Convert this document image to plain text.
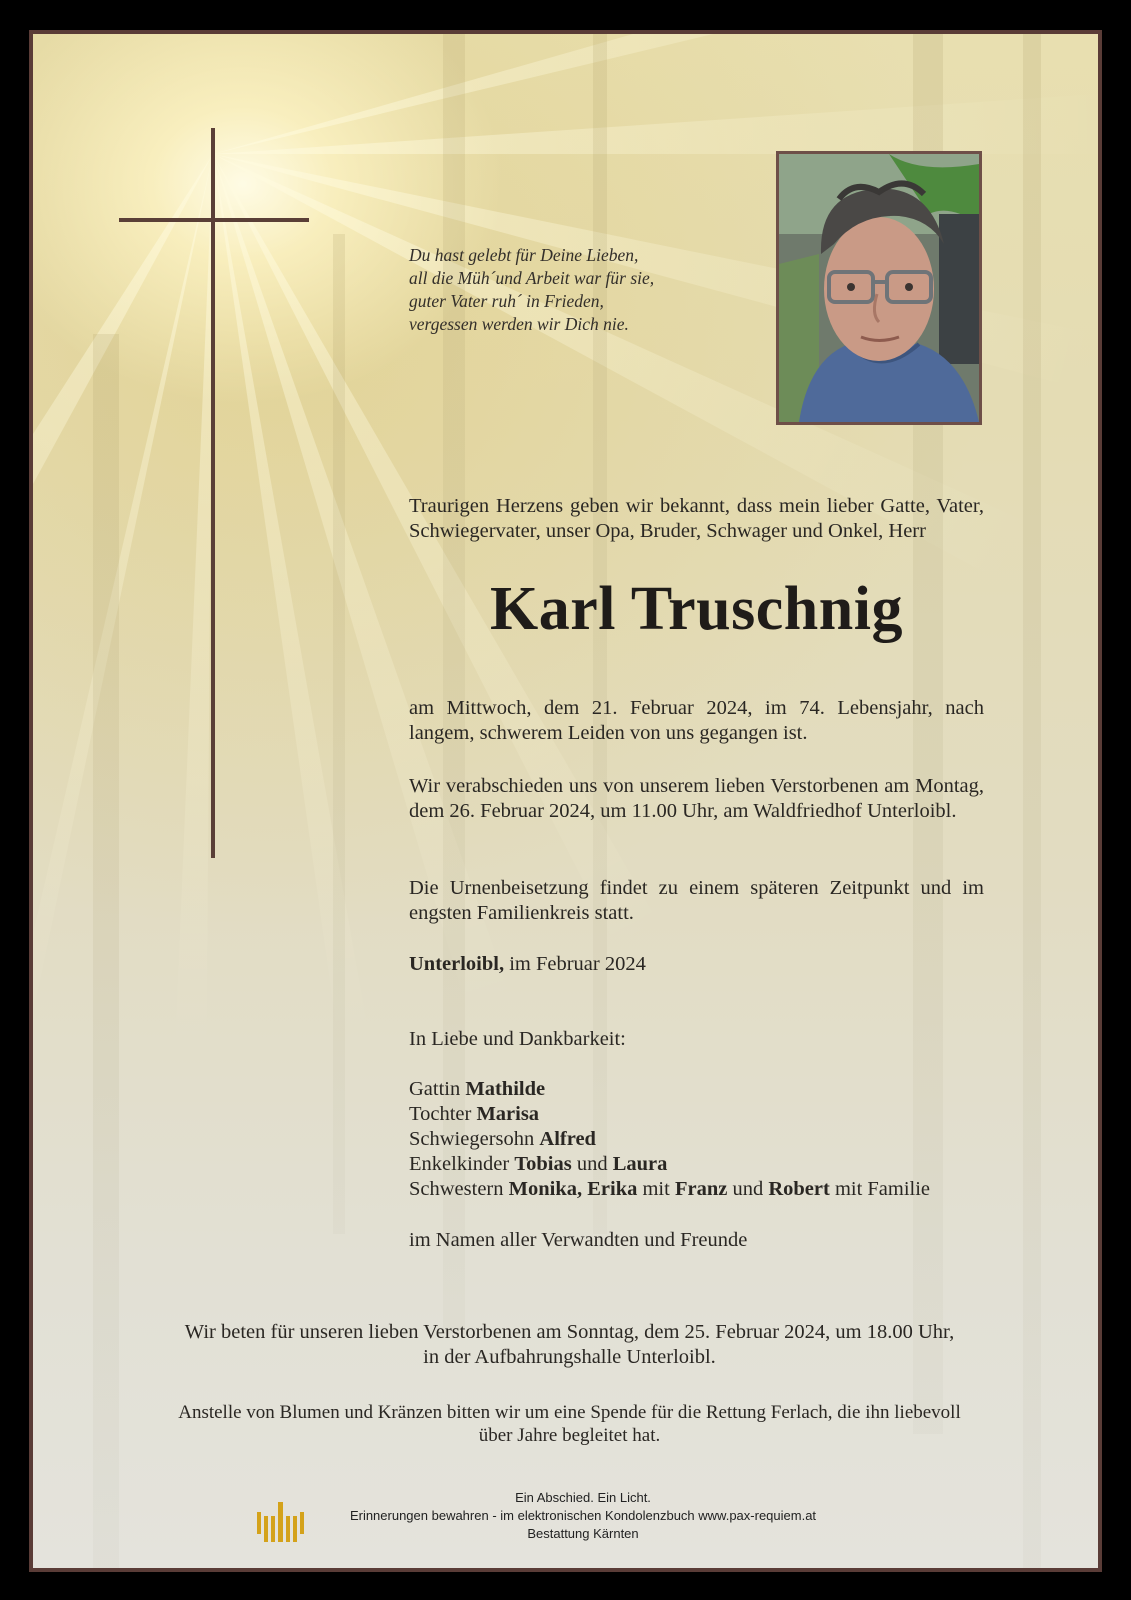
Du hast gelebt für Deine Lieben,
all die Müh´und Arbeit war für sie,
guter Vater ruh´ in Frieden,
vergessen werden wir Dich nie.
Traurigen Herzens geben wir bekannt, dass mein lieber Gatte, Vater, Schwiegervater, unser Opa, Bruder, Schwager und Onkel, Herr
Karl Truschnig
am Mittwoch, dem 21. Februar 2024, im 74. Lebensjahr, nach langem, schwerem Leiden von uns gegangen ist.
Wir verabschieden uns von unserem lieben Verstorbenen am Montag, dem 26. Februar 2024, um 11.00 Uhr, am Waldfriedhof Unterloibl.
Die Urnenbeisetzung findet zu einem späteren Zeitpunkt und im engsten Familienkreis statt.
Unterloibl, im Februar 2024
In Liebe und Dankbarkeit:
Gattin Mathilde
Tochter Marisa
Schwiegersohn Alfred
Enkelkinder Tobias und Laura
Schwestern Monika, Erika mit Franz und Robert mit Familie
im Namen aller Verwandten und Freunde
Wir beten für unseren lieben Verstorbenen am Sonntag, dem 25. Februar 2024, um 18.00 Uhr,
in der Aufbahrungshalle Unterloibl.
Anstelle von Blumen und Kränzen bitten wir um eine Spende für die Rettung Ferlach, die ihn liebevoll
über Jahre begleitet hat.
Ein Abschied. Ein Licht.
Erinnerungen bewahren - im elektronischen Kondolenzbuch www.pax-requiem.at
Bestattung Kärnten
